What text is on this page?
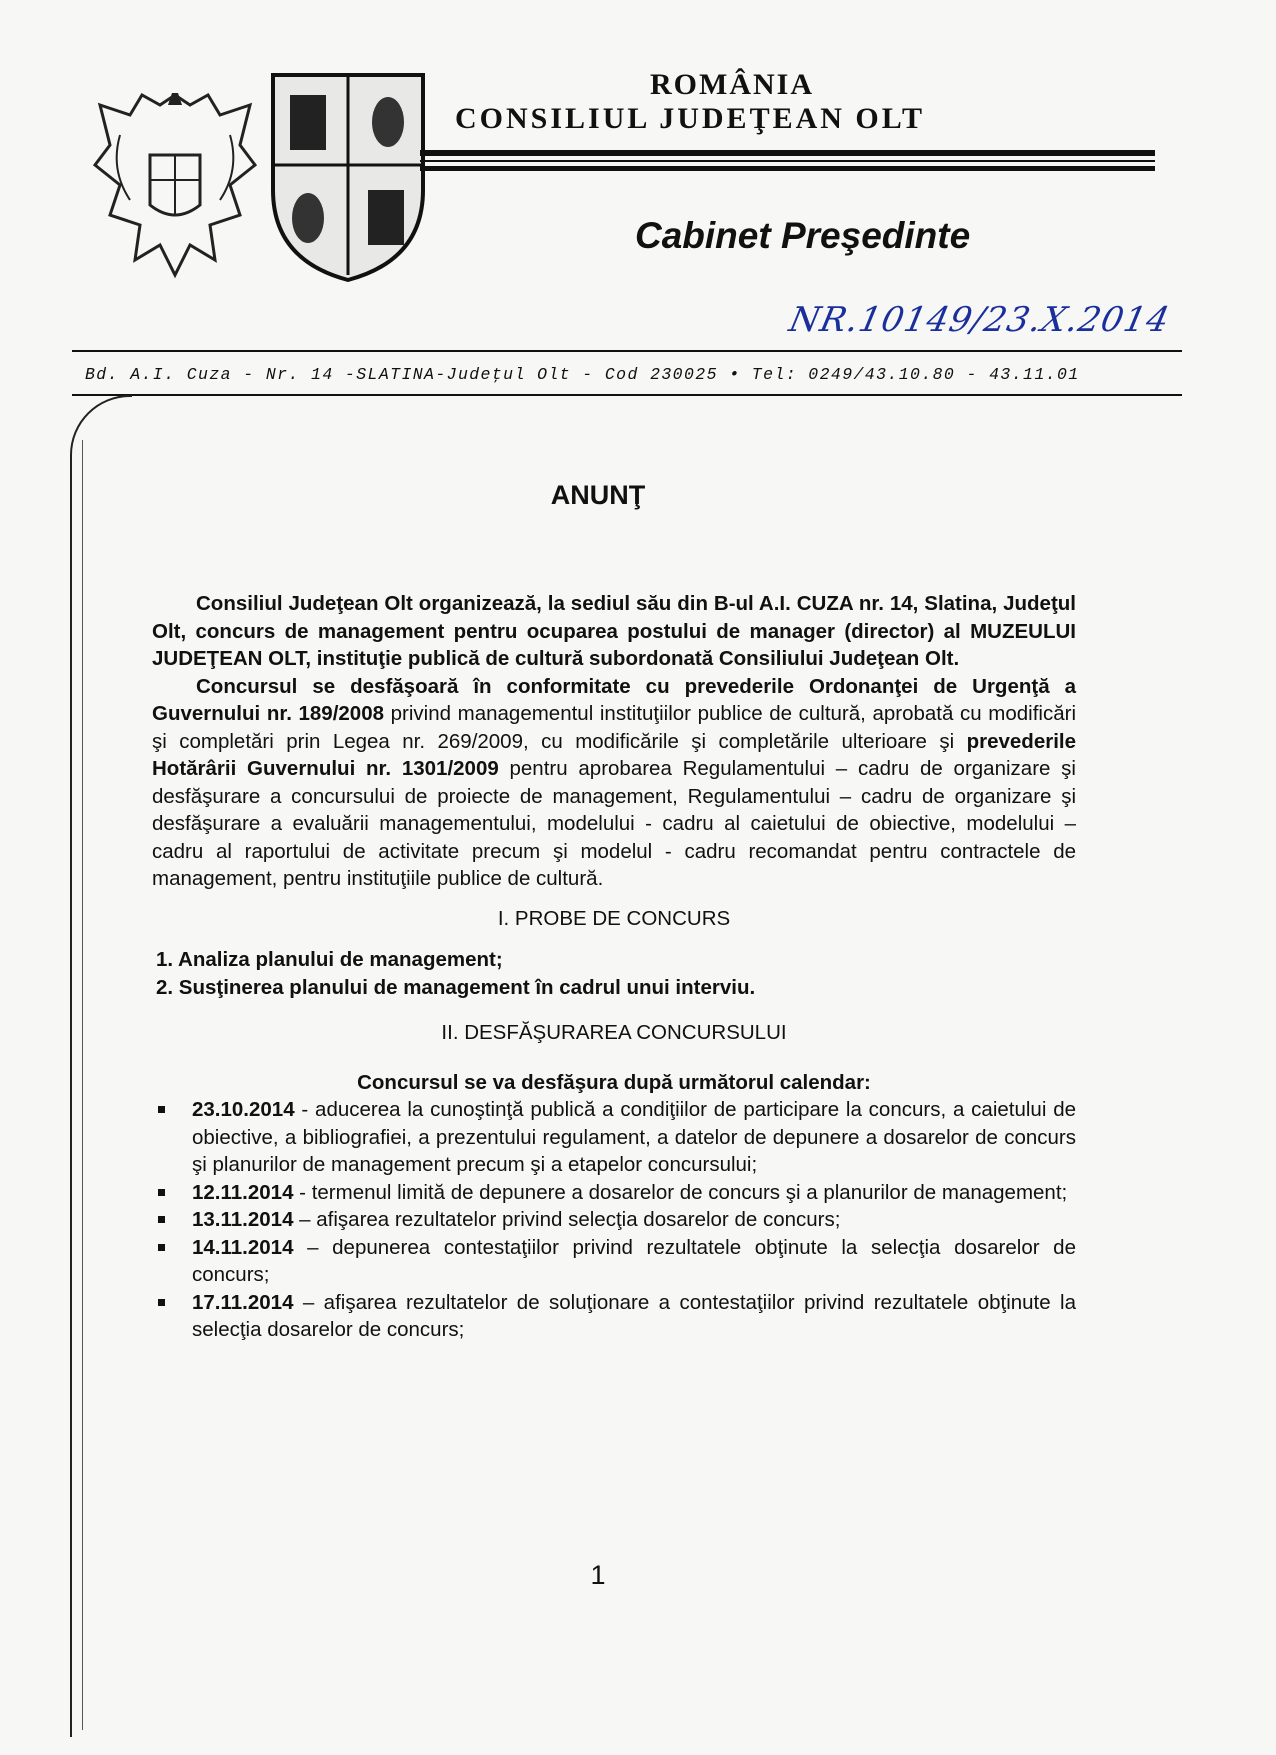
ROMÂNIA
CONSILIUL JUDEŢEAN OLT
Cabinet Preşedinte
NR.10149/23.X.2014
Bd. A.I. Cuza - Nr. 14 -SLATINA-Judeţul Olt - Cod 230025 • Tel: 0249/43.10.80 - 43.11.01
ANUNŢ

Consiliul Judeţean Olt organizează, la sediul său din B-ul A.I. CUZA nr. 14, Slatina, Judeţul Olt, concurs de management pentru ocuparea postului de manager (director) al MUZEULUI JUDEŢEAN OLT, instituţie publică de cultură subordonată Consiliului Judeţean Olt.

Concursul se desfăşoară în conformitate cu prevederile Ordonanţei de Urgenţă a Guvernului nr. 189/2008 privind managementul instituţiilor publice de cultură, aprobată cu modificări şi completări prin Legea nr. 269/2009, cu modificările şi completările ulterioare şi prevederile Hotărârii Guvernului nr. 1301/2009 pentru aprobarea Regulamentului – cadru de organizare şi desfăşurare a concursului de proiecte de management, Regulamentului – cadru de organizare şi desfăşurare a evaluării managementului, modelului - cadru al caietului de obiective, modelului – cadru al raportului de activitate precum şi modelul - cadru recomandat pentru contractele de management, pentru instituţiile publice de cultură.

I. PROBE DE CONCURS
1. Analiza planului de management;
2. Susţinerea planului de management în cadrul unui interviu.
II. DESFĂŞURAREA CONCURSULUI
Concursul se va desfăşura după următorul calendar:
23.10.2014 - aducerea la cunoştinţă publică a condiţiilor de participare la concurs, a caietului de obiective, a bibliografiei, a prezentului regulament, a datelor de depunere a dosarelor de concurs şi planurilor de management precum şi a etapelor concursului;
12.11.2014 - termenul limită de depunere a dosarelor de concurs şi a planurilor de management;
13.11.2014 – afişarea rezultatelor privind selecţia dosarelor de concurs;
14.11.2014 – depunerea contestaţiilor privind rezultatele obţinute la selecţia dosarelor de concurs;
17.11.2014 – afişarea rezultatelor de soluţionare a contestaţiilor privind rezultatele obţinute la selecţia dosarelor de concurs;
1
